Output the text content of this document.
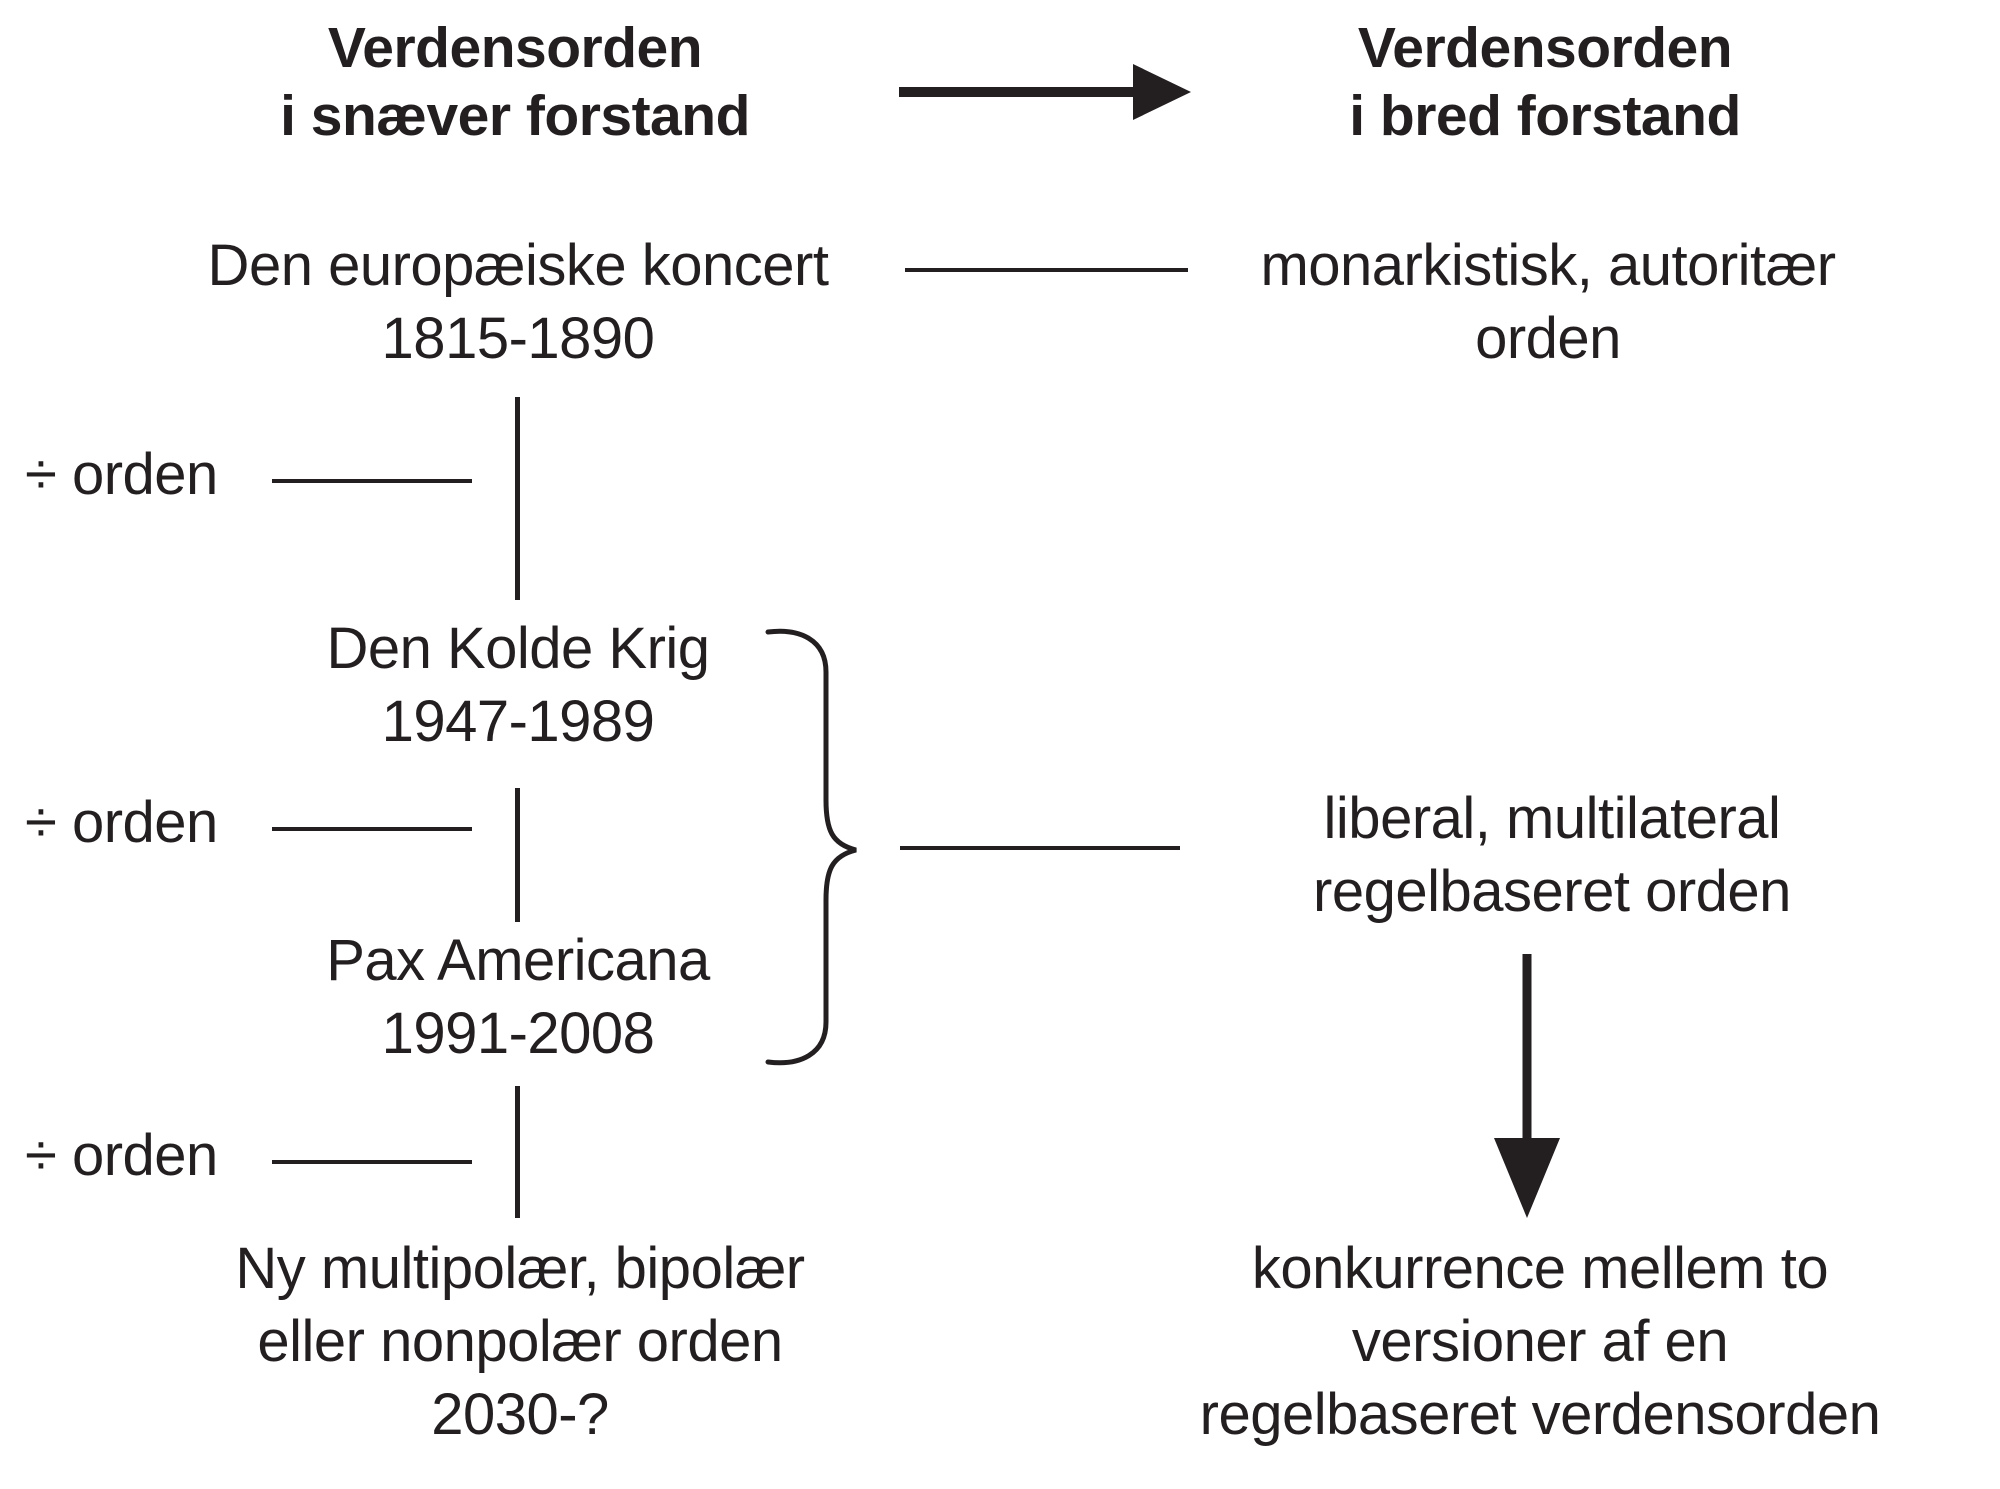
Verdensorden
i snæver forstand
Verdensorden
i bred forstand
Den europæiske koncert
1815-1890
monarkistisk, autoritær
orden
÷ orden
Den Kolde Krig
1947-1989
÷ orden
Pax Americana
1991-2008
÷ orden
Ny multipolær, bipolær
eller nonpolær orden
2030-?
liberal, multilateral
regelbaseret orden
konkurrence mellem to
versioner af en
regelbaseret verdensorden
